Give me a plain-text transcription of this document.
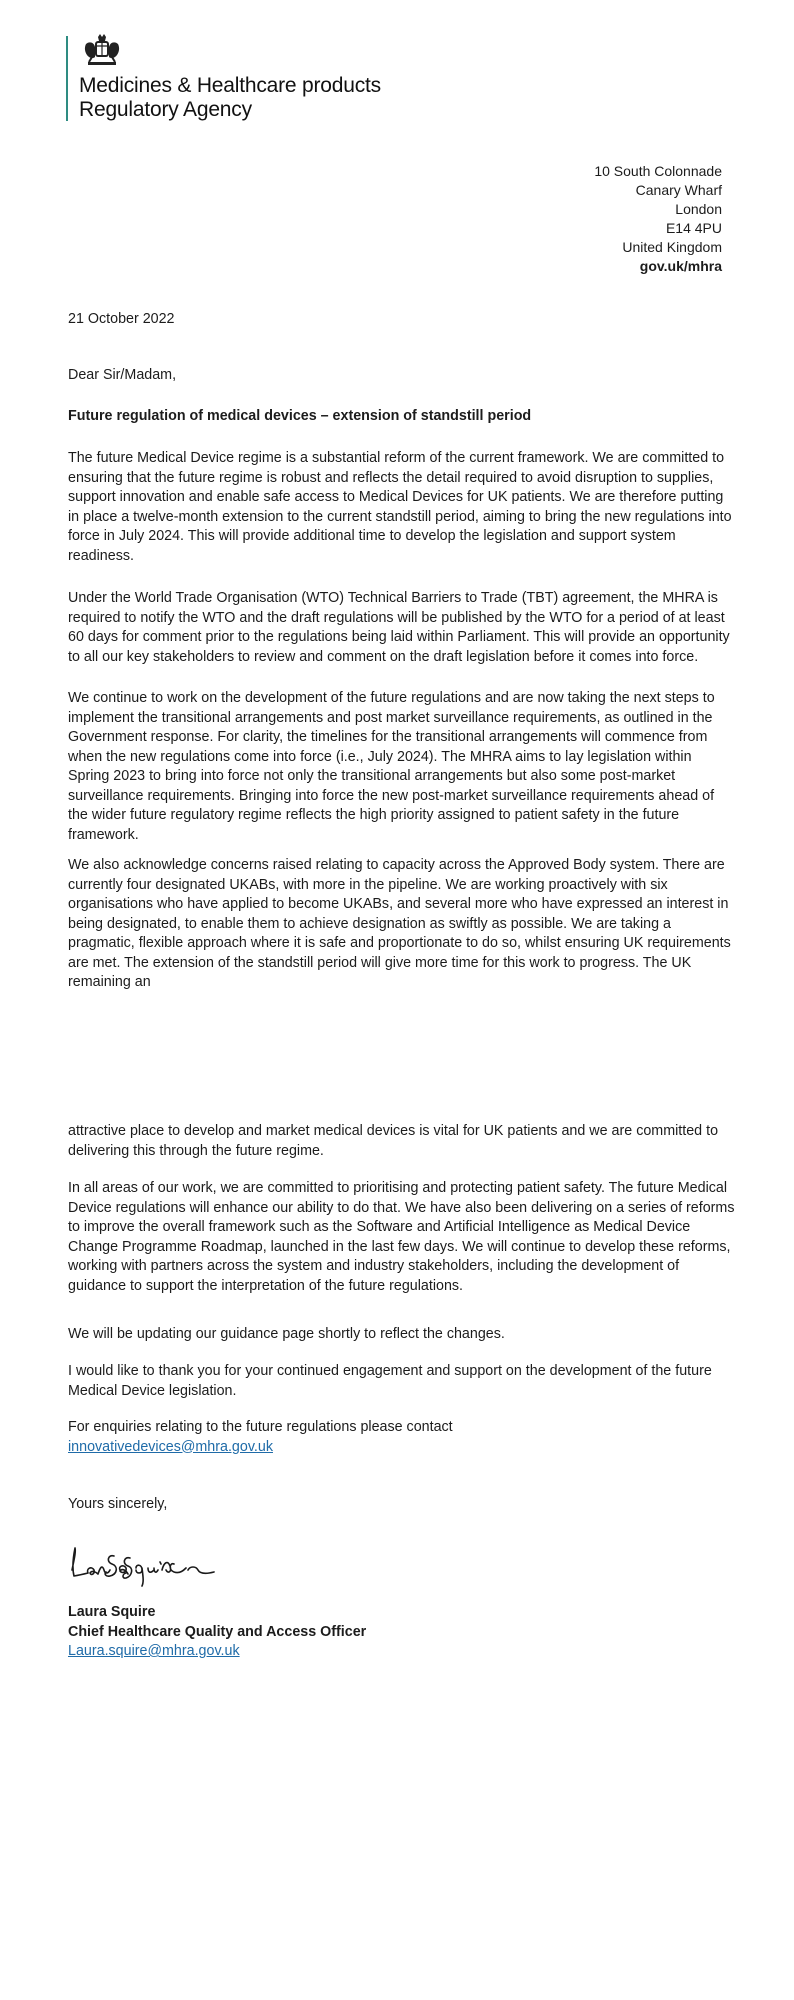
Medicines & Healthcare products
Regulatory Agency
10 South Colonnade
Canary Wharf
London
E14 4PU
United Kingdom
gov.uk/mhra
21 October 2022
Dear Sir/Madam,
Future regulation of medical devices – extension of standstill period

The future Medical Device regime is a substantial reform of the current framework. We are committed to ensuring that the future regime is robust and reflects the detail required to avoid disruption to supplies, support innovation and enable safe access to Medical Devices for UK patients. We are therefore putting in place a twelve-month extension to the current standstill period, aiming to bring the new regulations into force in July 2024. This will provide additional time to develop the legislation and support system readiness.

Under the World Trade Organisation (WTO) Technical Barriers to Trade (TBT) agreement, the MHRA is required to notify the WTO and the draft regulations will be published by the WTO for a period of at least 60 days for comment prior to the regulations being laid within Parliament. This will provide an opportunity to all our key stakeholders to review and comment on the draft legislation before it comes into force.

We continue to work on the development of the future regulations and are now taking the next steps to implement the transitional arrangements and post market surveillance requirements, as outlined in the Government response. For clarity, the timelines for the transitional arrangements will commence from when the new regulations come into force (i.e., July 2024). The MHRA aims to lay legislation within Spring 2023 to bring into force not only the transitional arrangements but also some post-market surveillance requirements. Bringing into force the new post-market surveillance requirements ahead of the wider future regulatory regime reflects the high priority assigned to patient safety in the future framework.

We also acknowledge concerns raised relating to capacity across the Approved Body system. There are currently four designated UKABs, with more in the pipeline. We are working proactively with six organisations who have applied to become UKABs, and several more who have expressed an interest in being designated, to enable them to achieve designation as swiftly as possible. We are taking a pragmatic, flexible approach where it is safe and proportionate to do so, whilst ensuring UK requirements are met. The extension of the standstill period will give more time for this work to progress. The UK remaining an

attractive place to develop and market medical devices is vital for UK patients and we are committed to delivering this through the future regime.

In all areas of our work, we are committed to prioritising and protecting patient safety. The future Medical Device regulations will enhance our ability to do that. We have also been delivering on a series of reforms to improve the overall framework such as the Software and Artificial Intelligence as Medical Device Change Programme Roadmap, launched in the last few days. We will continue to develop these reforms, working with partners across the system and industry stakeholders, including the development of guidance to support the interpretation of the future regulations.

We will be updating our guidance page shortly to reflect the changes.

I would like to thank you for your continued engagement and support on the development of the future Medical Device legislation.

For enquiries relating to the future regulations please contact
innovativedevices@mhra.gov.uk
Yours sincerely,
Laura Squire
Chief Healthcare Quality and Access Officer
Laura.squire@mhra.gov.uk
